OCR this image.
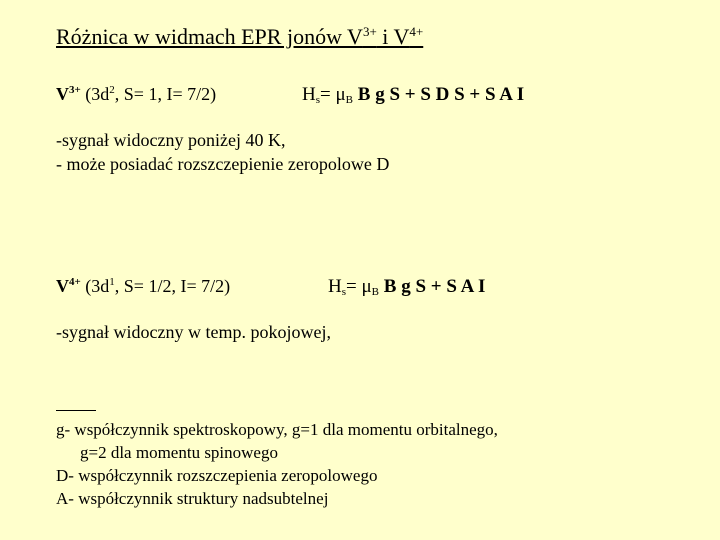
Różnica w widmach EPR jonów $V^{3+}$ i $V^{4+}$
$V^{3+}$ ($3d^2$, S= 1, I= 7/2)	$H_s= \mu_B$ B g S + S D S + S A I
-sygnał widoczny poniżej 40 K,
- może posiadać rozszczepienie zeropolowe D
$V^{4+}$ ($3d^1$, S= 1/2, I= 7/2)	$H_s= \mu_B$ B g S + S A I
-sygnał widoczny w temp. pokojowej,
g- współczynnik spektroskopowy, g=1 dla momentu orbitalnego,
g=2 dla momentu spinowego
D- współczynnik rozszczepienia zeropolowego
A- współczynnik struktury nadsubtelnej
